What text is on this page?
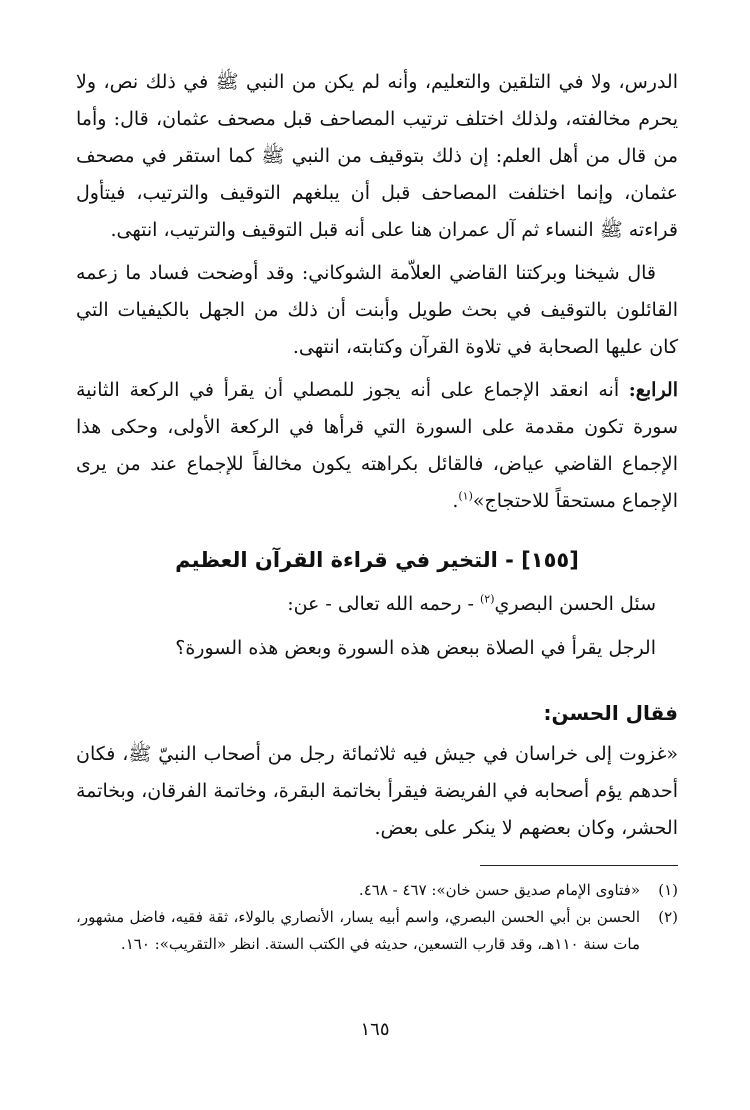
الدرس، ولا في التلقين والتعليم، وأنه لم يكن من النبي ﷺ في ذلك نص، ولا يحرم مخالفته، ولذلك اختلف ترتيب المصاحف قبل مصحف عثمان، قال: وأما من قال من أهل العلم: إن ذلك بتوقيف من النبي ﷺ كما استقر في مصحف عثمان، وإنما اختلفت المصاحف قبل أن يبلغهم التوقيف والترتيب، فيتأول قراءته ﷺ النساء ثم آل عمران هنا على أنه قبل التوقيف والترتيب، انتهى.

قال شيخنا وبركتنا القاضي العلاّمة الشوكاني: وقد أوضحت فساد ما زعمه القائلون بالتوقيف في بحث طويل وأبنت أن ذلك من الجهل بالكيفيات التي كان عليها الصحابة في تلاوة القرآن وكتابته، انتهى.

الرابع: أنه انعقد الإجماع على أنه يجوز للمصلي أن يقرأ في الركعة الثانية سورة تكون مقدمة على السورة التي قرأها في الركعة الأولى، وحكى هذا الإجماع القاضي عياض، فالقائل بكراهته يكون مخالفاً للإجماع عند من يرى الإجماع مستحقاً للاحتجاج»$^{(١)}$.

[١٥٥] - التخير في قراءة القرآن العظيم

سئل الحسن البصري$^{(٢)}$ - رحمه الله تعالى - عن:

الرجل يقرأ في الصلاة ببعض هذه السورة وبعض هذه السورة؟

فقال الحسن:

«غزوت إلى خراسان في جيش فيه ثلاثمائة رجل من أصحاب النبيّ ﷺ، فكان أحدهم يؤم أصحابه في الفريضة فيقرأ بخاتمة البقرة، وخاتمة الفرقان، وبخاتمة الحشر، وكان بعضهم لا ينكر على بعض.

(١)
«فتاوى الإمام صديق حسن خان»: ٤٦٧ - ٤٦٨.
(٢)
الحسن بن أبي الحسن البصري، واسم أبيه يسار، الأنصاري بالولاء، ثقة فقيه، فاضل مشهور، مات سنة ١١٠هـ، وقد قارب التسعين، حديثه في الكتب الستة. انظر «التقريب»: ١٦٠.
١٦٥
